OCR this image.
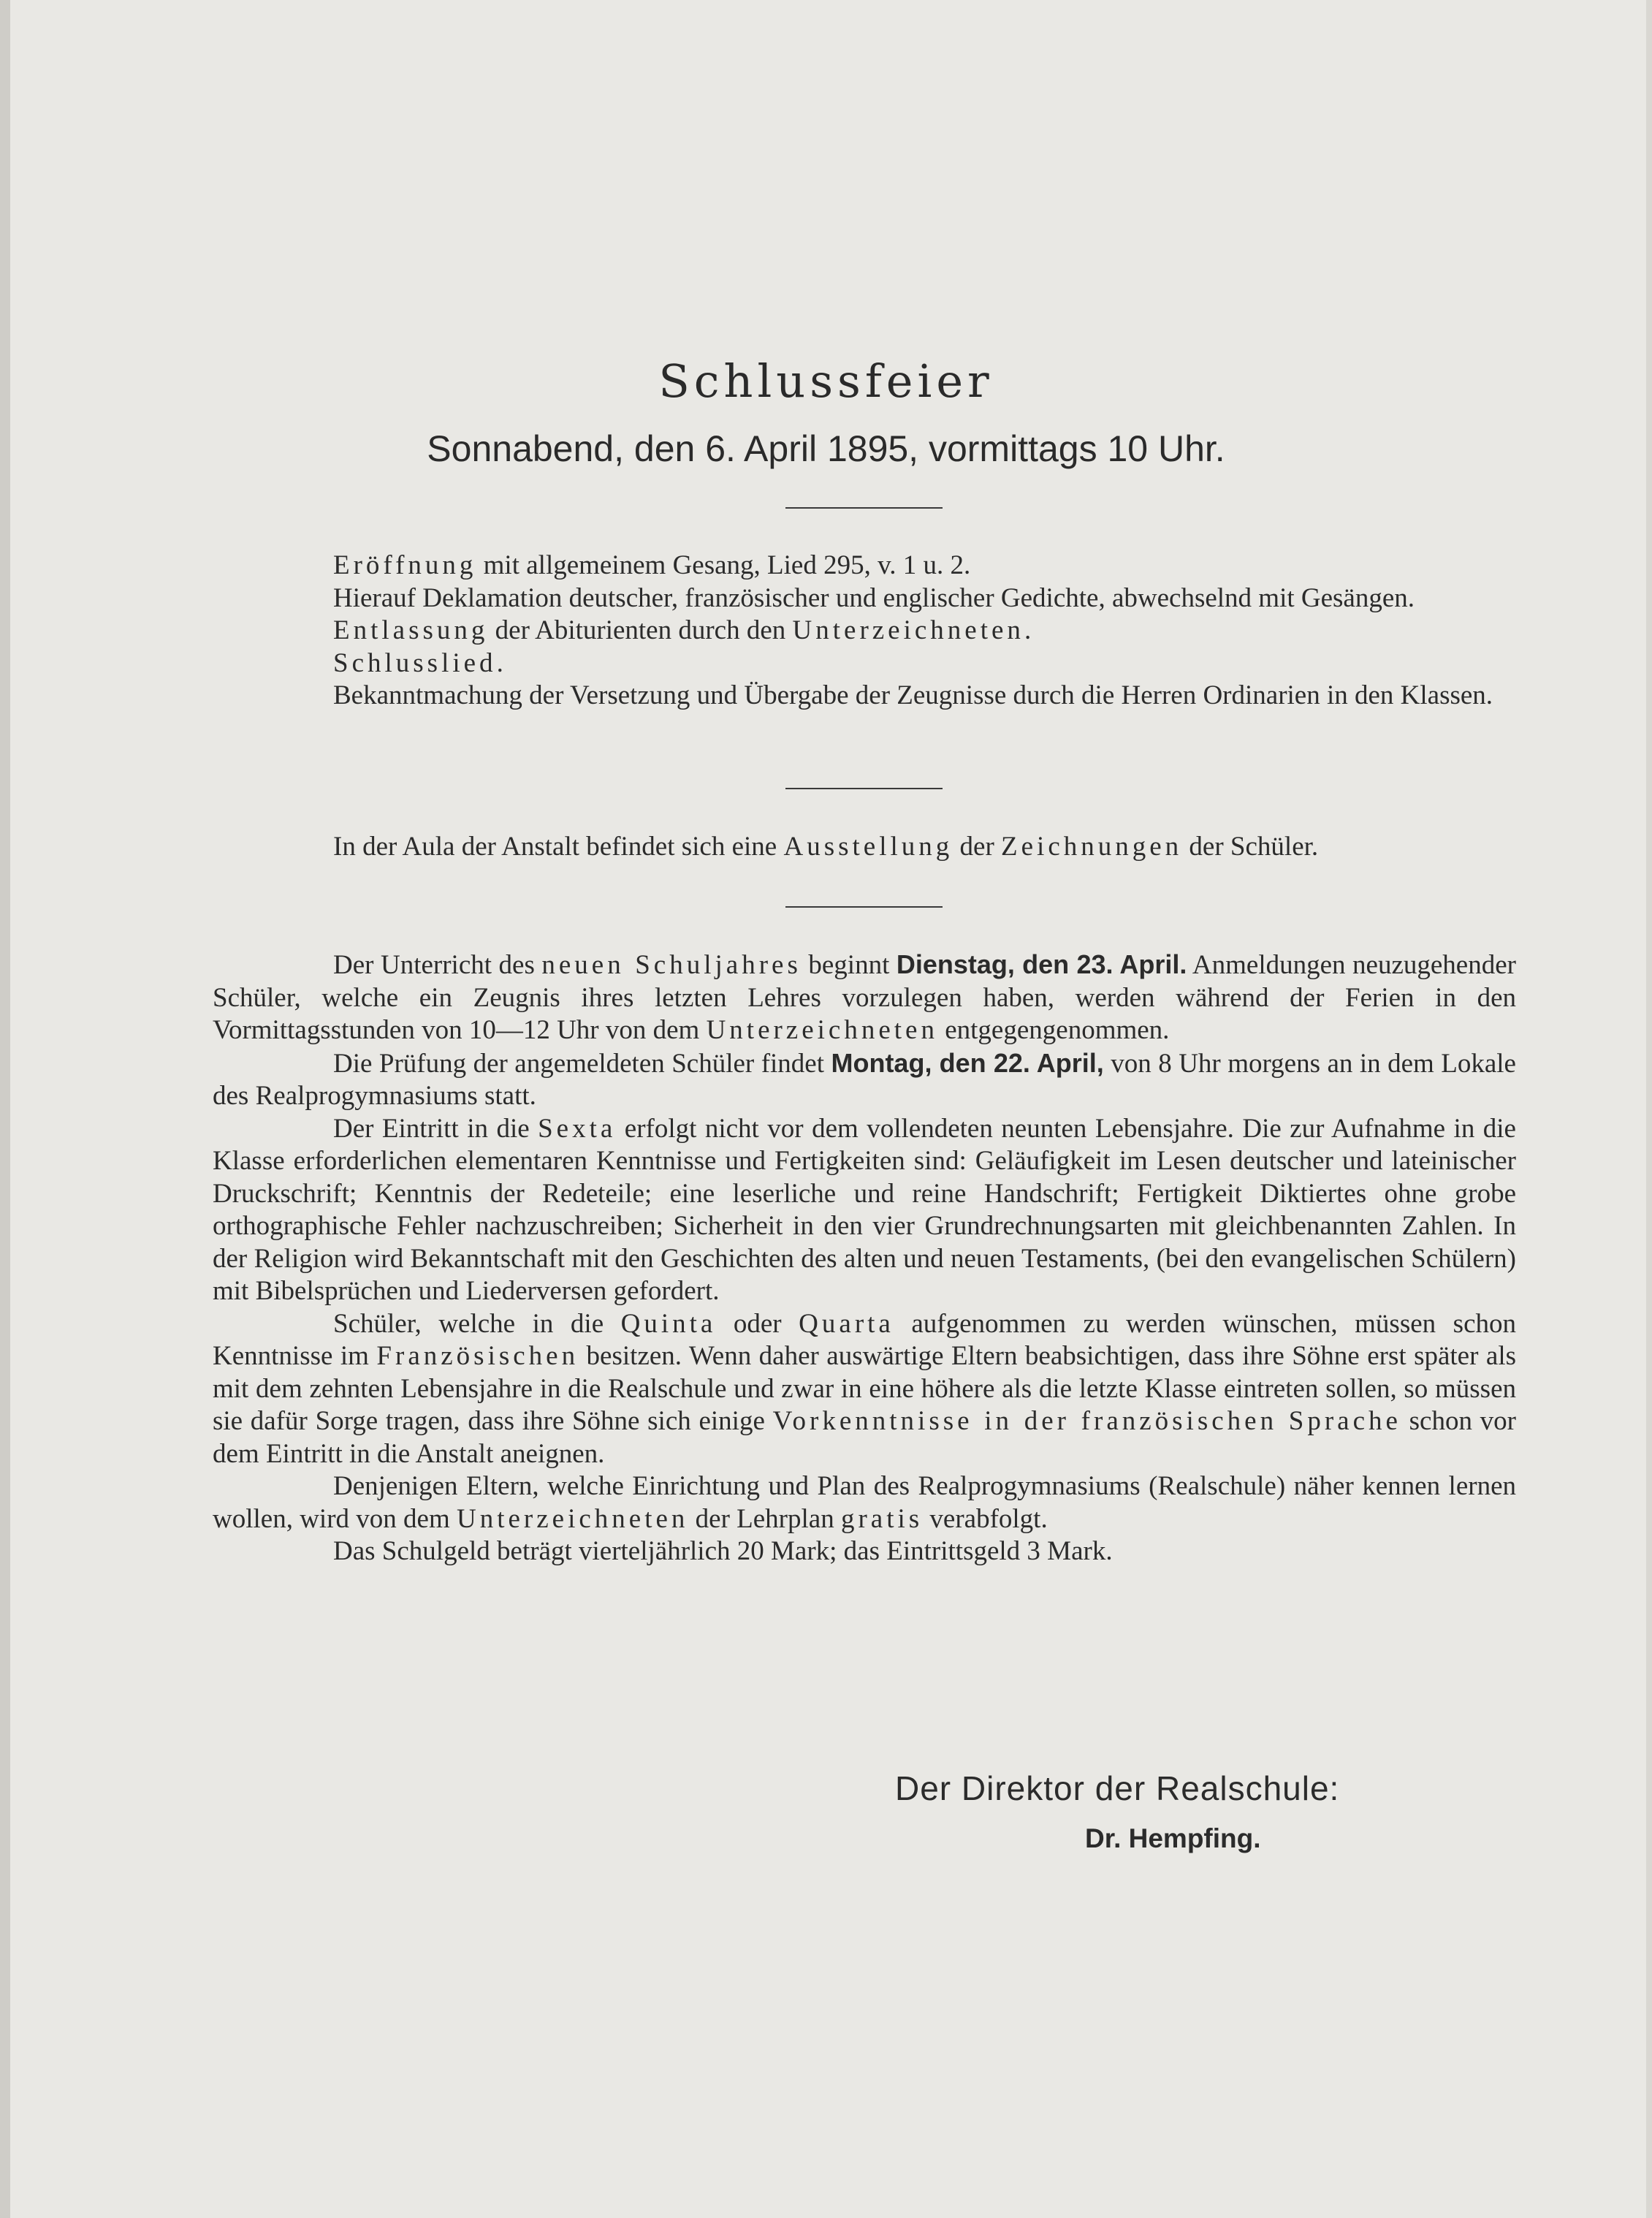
Schlussfeier
Sonnabend, den 6. April 1895, vormittags 10 Uhr.

Eröffnung mit allgemeinem Gesang, Lied 295, v. 1 u. 2.

Hierauf Deklamation deutscher, französischer und englischer Gedichte, abwechselnd mit Gesängen.

Entlassung der Abiturienten durch den Unterzeichneten.

Schlusslied.

Bekanntmachung der Versetzung und Übergabe der Zeugnisse durch die Herren Ordinarien in den Klassen.

In der Aula der Anstalt befindet sich eine Ausstellung der Zeichnungen der Schüler.

Der Unterricht des neuen Schuljahres beginnt Dienstag, den 23. April. Anmeldungen neuzugehender Schüler, welche ein Zeugnis ihres letzten Lehres vorzulegen haben, werden während der Ferien in den Vormittagsstunden von 10—12 Uhr von dem Unterzeichneten entgegengenommen.

Die Prüfung der angemeldeten Schüler findet Montag, den 22. April, von 8 Uhr morgens an in dem Lokale des Realprogymnasiums statt.

Der Eintritt in die Sexta erfolgt nicht vor dem vollendeten neunten Lebensjahre. Die zur Aufnahme in die Klasse erforderlichen elementaren Kenntnisse und Fertigkeiten sind: Geläufigkeit im Lesen deutscher und lateinischer Druckschrift; Kenntnis der Redeteile; eine leserliche und reine Handschrift; Fertigkeit Diktiertes ohne grobe orthographische Fehler nachzuschreiben; Sicherheit in den vier Grundrechnungsarten mit gleichbenannten Zahlen. In der Religion wird Bekanntschaft mit den Geschichten des alten und neuen Testaments, (bei den evangelischen Schülern) mit Bibelsprüchen und Liederversen gefordert.

Schüler, welche in die Quinta oder Quarta aufgenommen zu werden wünschen, müssen schon Kenntnisse im Französischen besitzen. Wenn daher auswärtige Eltern beabsichtigen, dass ihre Söhne erst später als mit dem zehnten Lebensjahre in die Realschule und zwar in eine höhere als die letzte Klasse eintreten sollen, so müssen sie dafür Sorge tragen, dass ihre Söhne sich einige Vorkenntnisse in der französischen Sprache schon vor dem Eintritt in die Anstalt aneignen.

Denjenigen Eltern, welche Einrichtung und Plan des Realprogymnasiums (Realschule) näher kennen lernen wollen, wird von dem Unterzeichneten der Lehrplan gratis verabfolgt.

Das Schulgeld beträgt vierteljährlich 20 Mark; das Eintrittsgeld 3 Mark.

Der Direktor der Realschule:
Dr. Hempfing.
